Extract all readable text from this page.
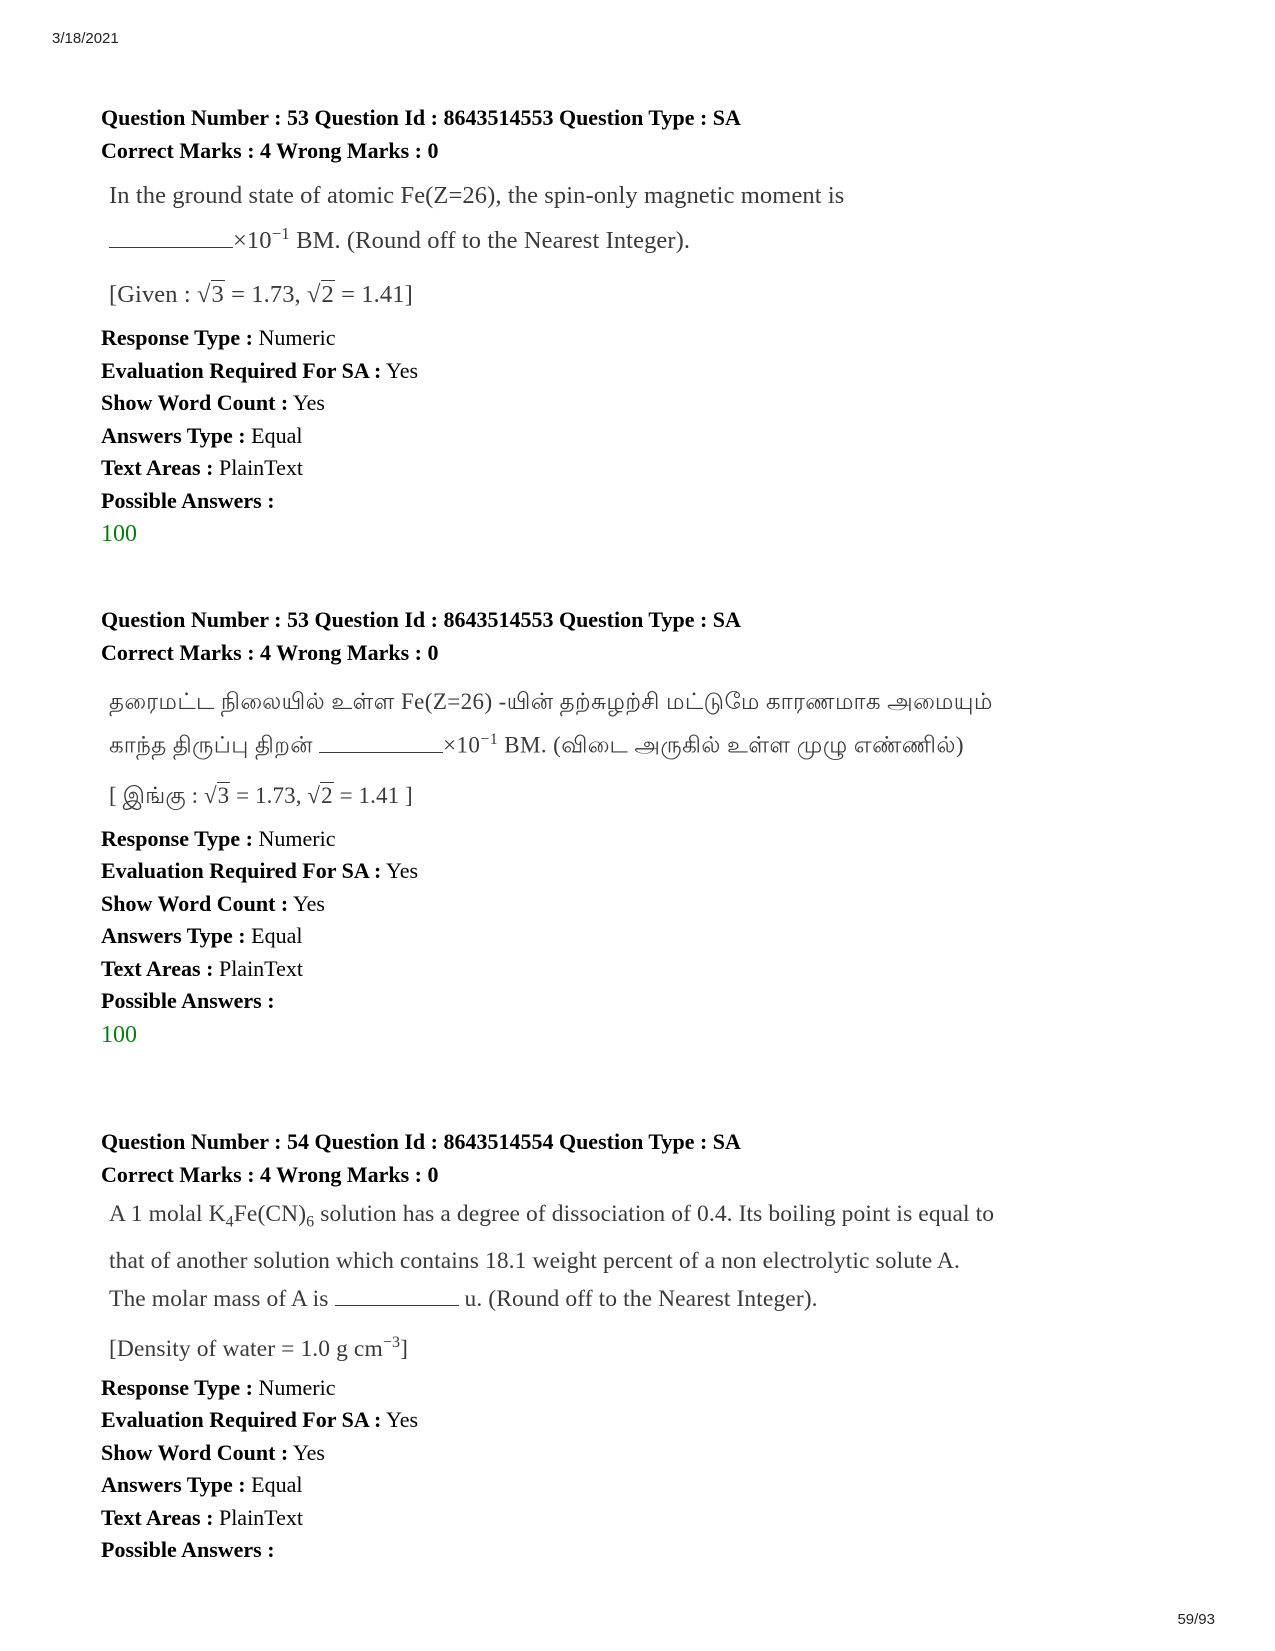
3/18/2021
Question Number : 53 Question Id : 8643514553 Question Type : SA
Correct Marks : 4 Wrong Marks : 0
In the ground state of atomic Fe(Z=26), the spin-only magnetic moment is
$\times 10^{-1}$ BM. (Round off to the Nearest Integer).
[Given : √3 = 1.73, √2 = 1.41]
Response Type : Numeric
Evaluation Required For SA : Yes
Show Word Count : Yes
Answers Type : Equal
Text Areas : PlainText
Possible Answers :
100
Question Number : 53 Question Id : 8643514553 Question Type : SA
Correct Marks : 4 Wrong Marks : 0
தரைமட்ட நிலையில் உள்ள Fe(Z=26) -யின் தற்சுழற்சி மட்டுமே காரணமாக அமையும்
காந்த திருப்பு திறன்	$\times 10^{-1}$ BM. (விடை அருகில் உள்ள முழு எண்ணில்)
[ இங்கு : √3 = 1.73, √2 = 1.41 ]
Response Type : Numeric
Evaluation Required For SA : Yes
Show Word Count : Yes
Answers Type : Equal
Text Areas : PlainText
Possible Answers :
100
Question Number : 54 Question Id : 8643514554 Question Type : SA
Correct Marks : 4 Wrong Marks : 0
A 1 molal $K_4Fe(CN)_6$ solution has a degree of dissociation of 0.4. Its boiling point is equal to
that of another solution which contains 18.1 weight percent of a non electrolytic solute A.
The molar mass of A is	u. (Round off to the Nearest Integer).
[Density of water = 1.0 g $cm^{-3}$]
Response Type : Numeric
Evaluation Required For SA : Yes
Show Word Count : Yes
Answers Type : Equal
Text Areas : PlainText
Possible Answers :
59/93
